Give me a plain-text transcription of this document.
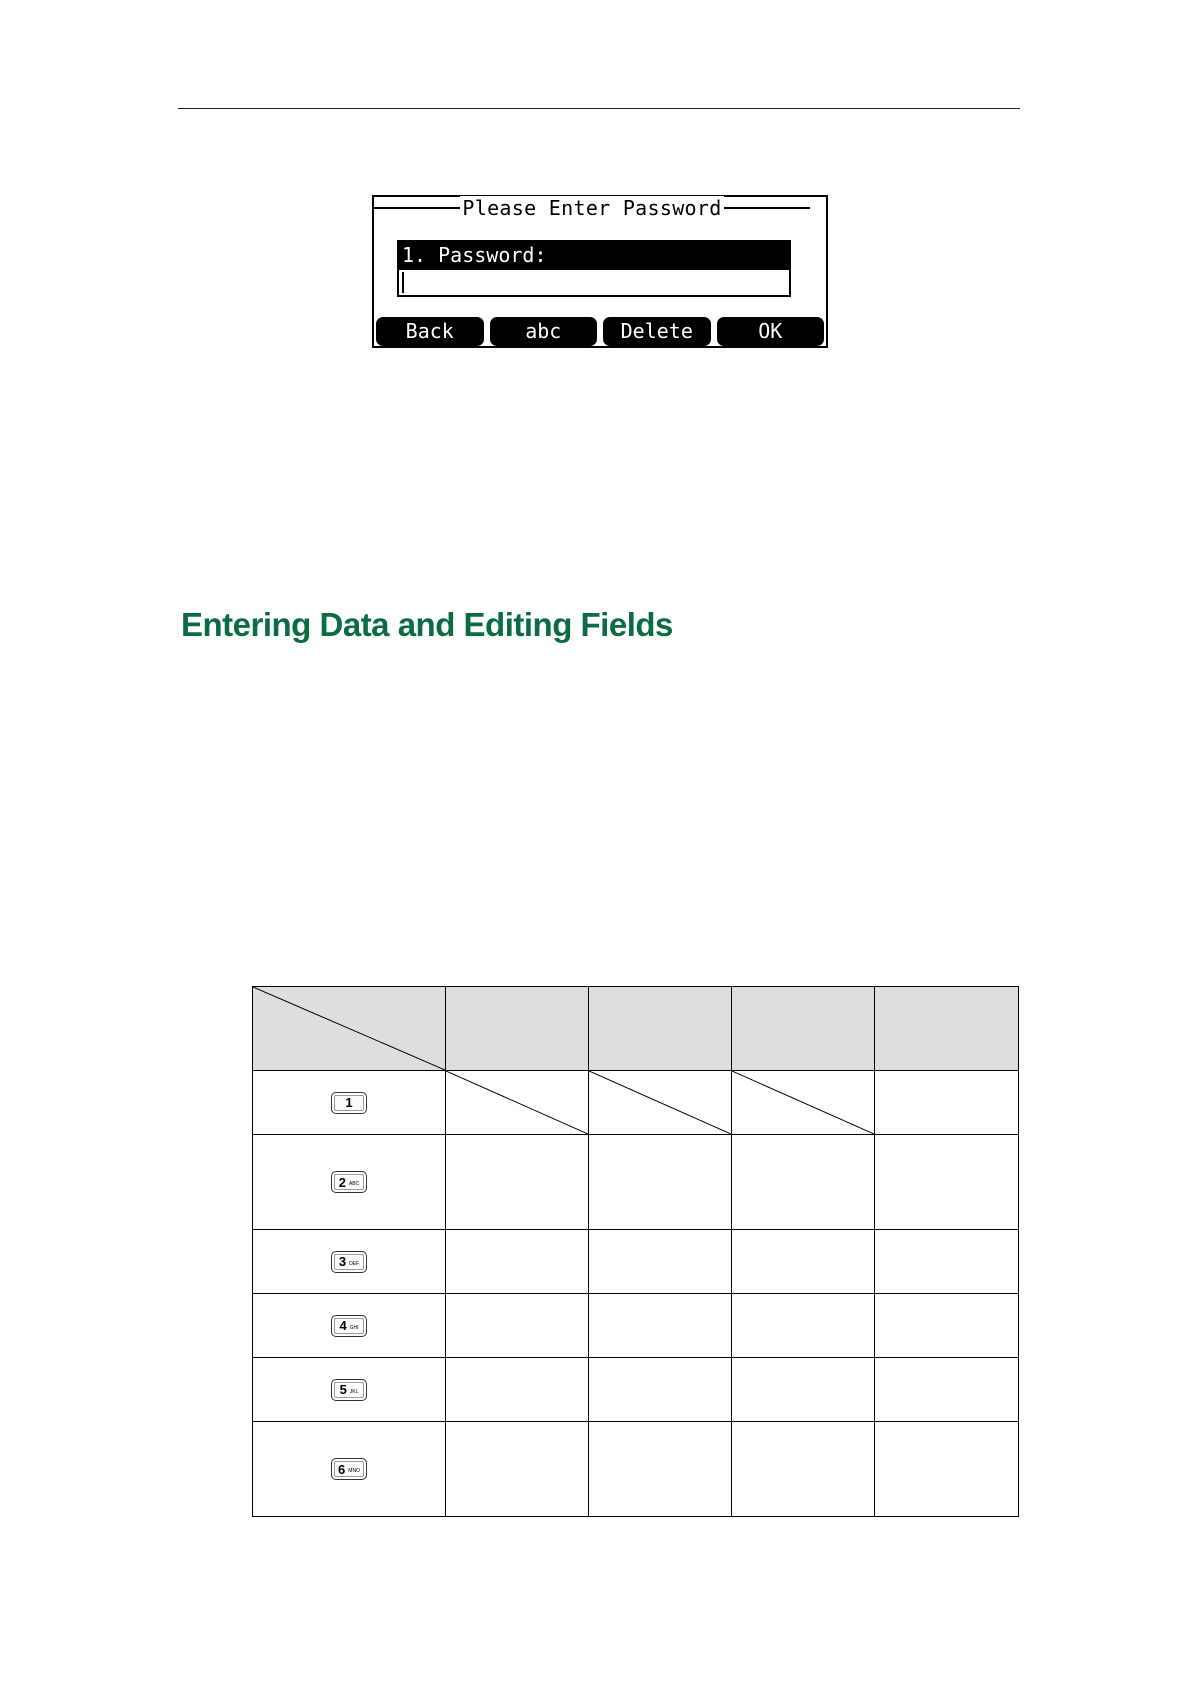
Please Enter Password
1. Password:
Back	abc	Delete	OK
Entering Data and Editing Fields

1

2 ABC				

3 DEF				

4 GHI				

5 JKL				

6 MNO				
